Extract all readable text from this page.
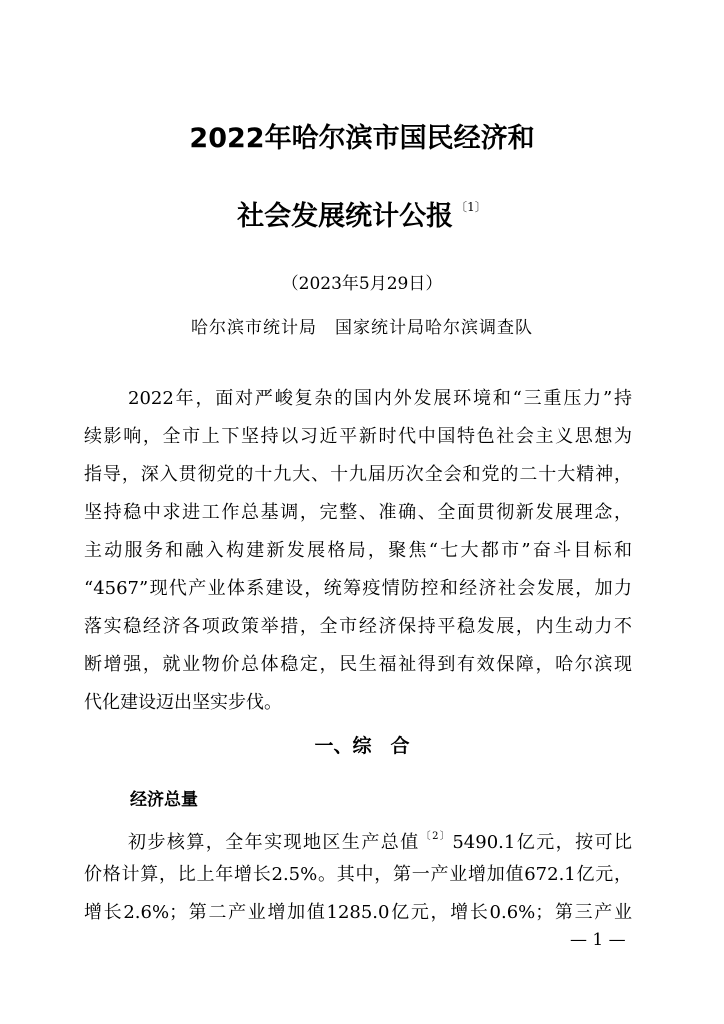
2022年哈尔滨市国民经济和
社会发展统计公报 $^{〔1〕}$
（2023年5月29日）
哈尔滨市统计局　国家统计局哈尔滨调查队
2022年，面对严峻复杂的国内外发展环境和“三重压力”持
续影响，全市上下坚持以习近平新时代中国特色社会主义思想为
指导，深入贯彻党的十九大、十九届历次全会和党的二十大精神，
坚持稳中求进工作总基调，完整、准确、全面贯彻新发展理念，
主动服务和融入构建新发展格局，聚焦“七大都市”奋斗目标和
“4567”现代产业体系建设，统筹疫情防控和经济社会发展，加力
落实稳经济各项政策举措，全市经济保持平稳发展，内生动力不
断增强，就业物价总体稳定，民生福祉得到有效保障，哈尔滨现
代化建设迈出坚实步伐。
一、综　合
经济总量
初步核算，全年实现地区生产总值$^{〔2〕}$5490.1亿元，按可比
价格计算，比上年增长2.5%。其中，第一产业增加值672.1亿元，
增长2.6%；第二产业增加值1285.0亿元，增长0.6%；第三产业
— 1 —
